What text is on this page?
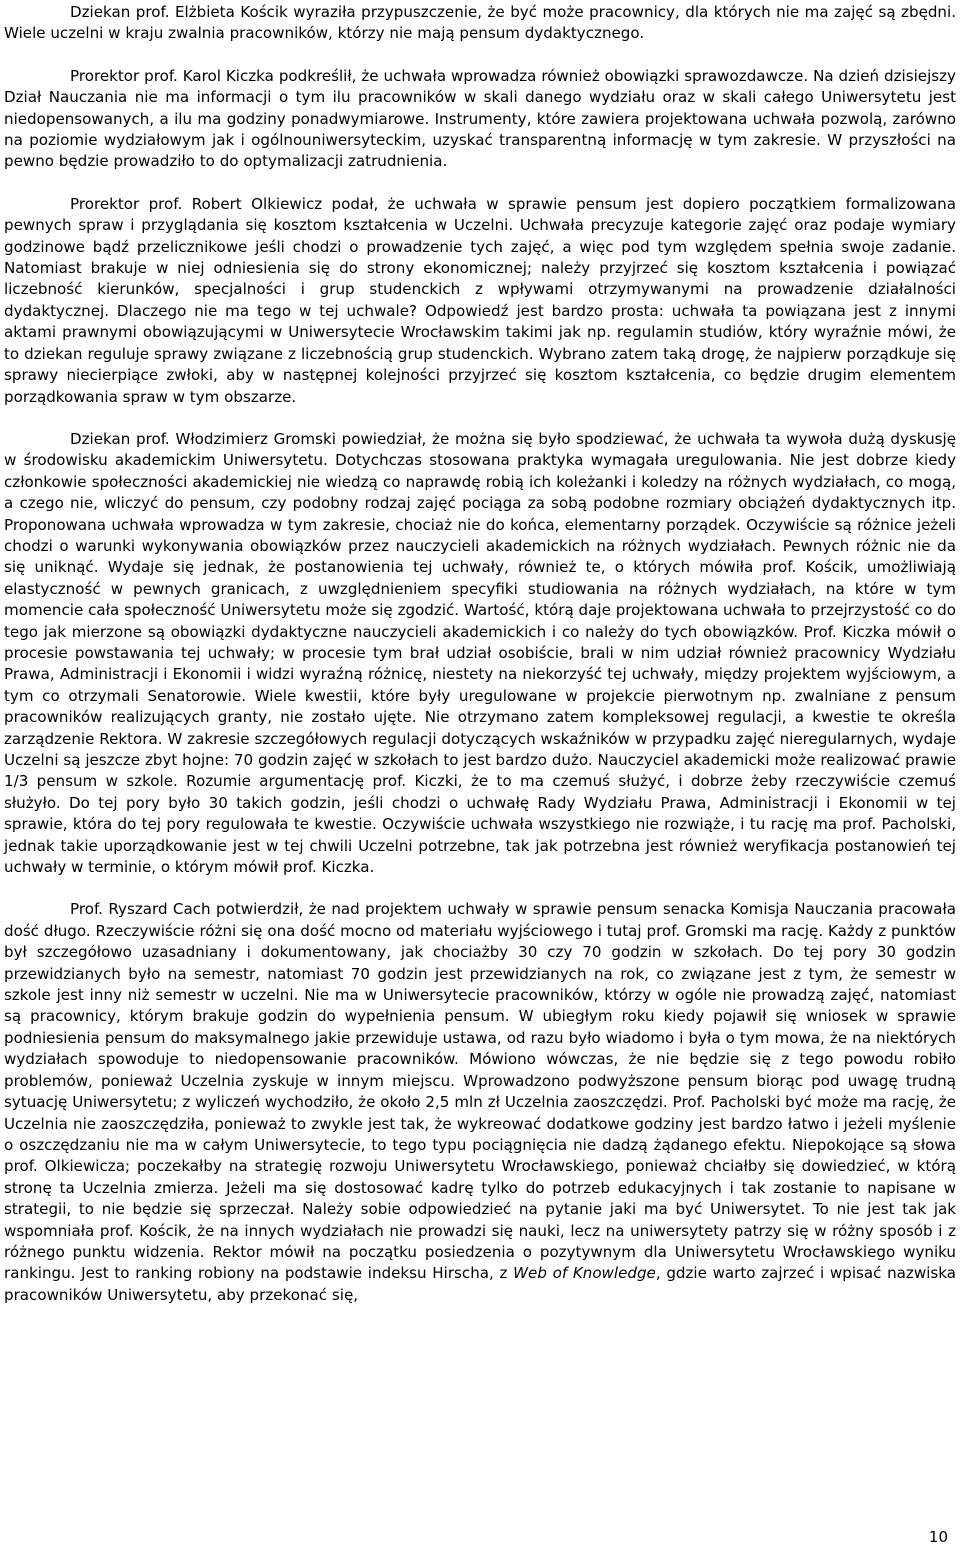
Dziekan prof. Elżbieta Kościk wyraziła przypuszczenie, że być może pracownicy, dla których nie ma zajęć są zbędni. Wiele uczelni w kraju zwalnia pracowników, którzy nie mają pensum dydaktycznego.

Prorektor prof. Karol Kiczka podkreślił, że uchwała wprowadza również obowiązki sprawozdawcze. Na dzień dzisiejszy Dział Nauczania nie ma informacji o tym ilu pracowników w skali danego wydziału oraz w skali całego Uniwersytetu jest niedopensowanych, a ilu ma godziny ponadwymiarowe. Instrumenty, które zawiera projektowana uchwała pozwolą, zarówno na poziomie wydziałowym jak i ogólnouniwersyteckim, uzyskać transparentną informację w tym zakresie. W przyszłości na pewno będzie prowadziło to do optymalizacji zatrudnienia.

Prorektor prof. Robert Olkiewicz podał, że uchwała w sprawie pensum jest dopiero początkiem formalizowana pewnych spraw i przyglądania się kosztom kształcenia w Uczelni. Uchwała precyzuje kategorie zajęć oraz podaje wymiary godzinowe bądź przelicznikowe jeśli chodzi o prowadzenie tych zajęć, a więc pod tym względem spełnia swoje zadanie. Natomiast brakuje w niej odniesienia się do strony ekonomicznej; należy przyjrzeć się kosztom kształcenia i powiązać liczebność kierunków, specjalności i grup studenckich z wpływami otrzymywanymi na prowadzenie działalności dydaktycznej. Dlaczego nie ma tego w tej uchwale? Odpowiedź jest bardzo prosta: uchwała ta powiązana jest z innymi aktami prawnymi obowiązującymi w Uniwersytecie Wrocławskim takimi jak np. regulamin studiów, który wyraźnie mówi, że to dziekan reguluje sprawy związane z liczebnością grup studenckich. Wybrano zatem taką drogę, że najpierw porządkuje się sprawy niecierpiące zwłoki, aby w następnej kolejności przyjrzeć się kosztom kształcenia, co będzie drugim elementem porządkowania spraw w tym obszarze.

Dziekan prof. Włodzimierz Gromski powiedział, że można się było spodziewać, że uchwała ta wywoła dużą dyskusję w środowisku akademickim Uniwersytetu. Dotychczas stosowana praktyka wymagała uregulowania. Nie jest dobrze kiedy członkowie społeczności akademickiej nie wiedzą co naprawdę robią ich koleżanki i koledzy na różnych wydziałach, co mogą, a czego nie, wliczyć do pensum, czy podobny rodzaj zajęć pociąga za sobą podobne rozmiary obciążeń dydaktycznych itp. Proponowana uchwała wprowadza w tym zakresie, chociaż nie do końca, elementarny porządek. Oczywiście są różnice jeżeli chodzi o warunki wykonywania obowiązków przez nauczycieli akademickich na różnych wydziałach. Pewnych różnic nie da się uniknąć. Wydaje się jednak, że postanowienia tej uchwały, również te, o których mówiła prof. Kościk, umożliwiają elastyczność w pewnych granicach, z uwzględnieniem specyfiki studiowania na różnych wydziałach, na które w tym momencie cała społeczność Uniwersytetu może się zgodzić. Wartość, którą daje projektowana uchwała to przejrzystość co do tego jak mierzone są obowiązki dydaktyczne nauczycieli akademickich i co należy do tych obowiązków. Prof. Kiczka mówił o procesie powstawania tej uchwały; w procesie tym brał udział osobiście, brali w nim udział również pracownicy Wydziału Prawa, Administracji i Ekonomii i widzi wyraźną różnicę, niestety na niekorzyść tej uchwały, między projektem wyjściowym, a tym co otrzymali Senatorowie. Wiele kwestii, które były uregulowane w projekcie pierwotnym np. zwalniane z pensum pracowników realizujących granty, nie zostało ujęte. Nie otrzymano zatem kompleksowej regulacji, a kwestie te określa zarządzenie Rektora. W zakresie szczegółowych regulacji dotyczących wskaźników w przypadku zajęć nieregularnych, wydaje Uczelni są jeszcze zbyt hojne: 70 godzin zajęć w szkołach to jest bardzo dużo. Nauczyciel akademicki może realizować prawie 1/3 pensum w szkole. Rozumie argumentację prof. Kiczki, że to ma czemuś służyć, i dobrze żeby rzeczywiście czemuś służyło. Do tej pory było 30 takich godzin, jeśli chodzi o uchwałę Rady Wydziału Prawa, Administracji i Ekonomii w tej sprawie, która do tej pory regulowała te kwestie. Oczywiście uchwała wszystkiego nie rozwiąże, i tu rację ma prof. Pacholski, jednak takie uporządkowanie jest w tej chwili Uczelni potrzebne, tak jak potrzebna jest również weryfikacja postanowień tej uchwały w terminie, o którym mówił prof. Kiczka.

Prof. Ryszard Cach potwierdził, że nad projektem uchwały w sprawie pensum senacka Komisja Nauczania pracowała dość długo. Rzeczywiście różni się ona dość mocno od materiału wyjściowego i tutaj prof. Gromski ma rację. Każdy z punktów był szczegółowo uzasadniany i dokumentowany, jak chociażby 30 czy 70 godzin w szkołach. Do tej pory 30 godzin przewidzianych było na semestr, natomiast 70 godzin jest przewidzianych na rok, co związane jest z tym, że semestr w szkole jest inny niż semestr w uczelni. Nie ma w Uniwersytecie pracowników, którzy w ogóle nie prowadzą zajęć, natomiast są pracownicy, którym brakuje godzin do wypełnienia pensum. W ubiegłym roku kiedy pojawił się wniosek w sprawie podniesienia pensum do maksymalnego jakie przewiduje ustawa, od razu było wiadomo i była o tym mowa, że na niektórych wydziałach spowoduje to niedopensowanie pracowników. Mówiono wówczas, że nie będzie się z tego powodu robiło problemów, ponieważ Uczelnia zyskuje w innym miejscu. Wprowadzono podwyższone pensum biorąc pod uwagę trudną sytuację Uniwersytetu; z wyliczeń wychodziło, że około 2,5 mln zł Uczelnia zaoszczędzi. Prof. Pacholski być może ma rację, że Uczelnia nie zaoszczędziła, ponieważ to zwykle jest tak, że wykreować dodatkowe godziny jest bardzo łatwo i jeżeli myślenie o oszczędzaniu nie ma w całym Uniwersytecie, to tego typu pociągnięcia nie dadzą żądanego efektu. Niepokojące są słowa prof. Olkiewicza; poczekałby na strategię rozwoju Uniwersytetu Wrocławskiego, ponieważ chciałby się dowiedzieć, w którą stronę ta Uczelnia zmierza. Jeżeli ma się dostosować kadrę tylko do potrzeb edukacyjnych i tak zostanie to napisane w strategii, to nie będzie się sprzeczał. Należy sobie odpowiedzieć na pytanie jaki ma być Uniwersytet. To nie jest tak jak wspomniała prof. Kościk, że na innych wydziałach nie prowadzi się nauki, lecz na uniwersytety patrzy się w różny sposób i z różnego punktu widzenia. Rektor mówił na początku posiedzenia o pozytywnym dla Uniwersytetu Wrocławskiego wyniku rankingu. Jest to ranking robiony na podstawie indeksu Hirscha, z Web of Knowledge, gdzie warto zajrzeć i wpisać nazwiska pracowników Uniwersytetu, aby przekonać się,

10
